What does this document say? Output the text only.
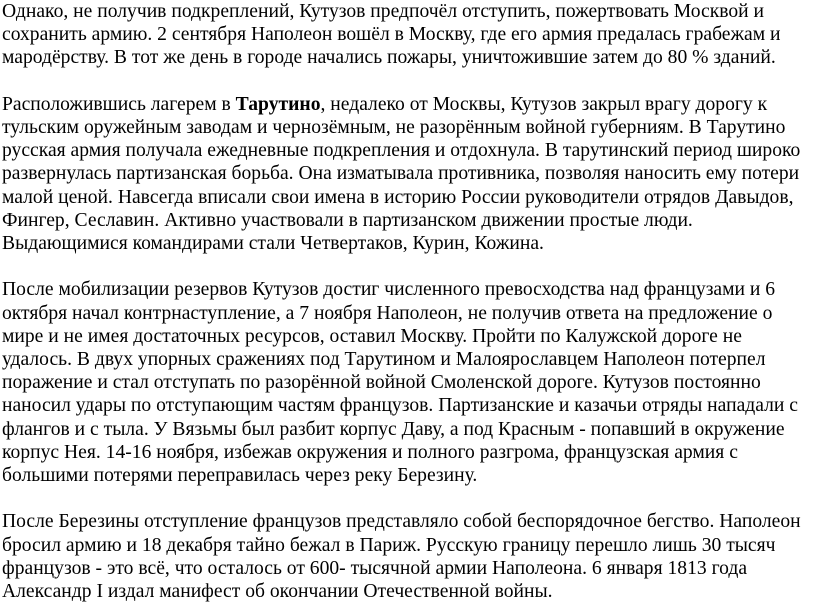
Однако, не получив подкреплений, Кутузов предпочёл отступить, пожертвовать Москвой и
сохранить армию. 2 сентября Наполеон вошёл в Москву, где его армия предалась грабежам и
мародёрству. В тот же день в городе начались пожары, уничтожившие затем до 80 % зданий.

Расположившись лагерем в Тарутино, недалеко от Москвы, Кутузов закрыл врагу дорогу к
тульским оружейным заводам и чернозёмным, не разорённым войной губерниям. В Тарутино
русская армия получала ежедневные подкрепления и отдохнула. В тарутинский период широко
развернулась партизанская борьба. Она изматывала противника, позволяя наносить ему потери
малой ценой. Навсегда вписали свои имена в историю России руководители отрядов Давыдов,
Фингер, Сеславин. Активно участвовали в партизанском движении простые люди.
Выдающимися командирами стали Четвертаков, Курин, Кожина.

После мобилизации резервов Кутузов достиг численного превосходства над французами и 6
октября начал контрнаступление, а 7 ноября Наполеон, не получив ответа на предложение о
мире и не имея достаточных ресурсов, оставил Москву. Пройти по Калужской дороге не
удалось. В двух упорных сражениях под Тарутином и Малоярославцем Наполеон потерпел
поражение и стал отступать по разорённой войной Смоленской дороге. Кутузов постоянно
наносил удары по отступающим частям французов. Партизанские и казачьи отряды нападали с
флангов и с тыла. У Вязьмы был разбит корпус Даву, а под Красным - попавший в окружение
корпус Нея. 14-16 ноября, избежав окружения и полного разгрома, французская армия с
большими потерями переправилась через реку Березину.

После Березины отступление французов представляло собой беспорядочное бегство. Наполеон
бросил армию и 18 декабря тайно бежал в Париж. Русскую границу перешло лишь 30 тысяч
французов - это всё, что осталось от 600- тысячной армии Наполеона. 6 января 1813 года
Александр I издал манифест об окончании Отечественной войны.
